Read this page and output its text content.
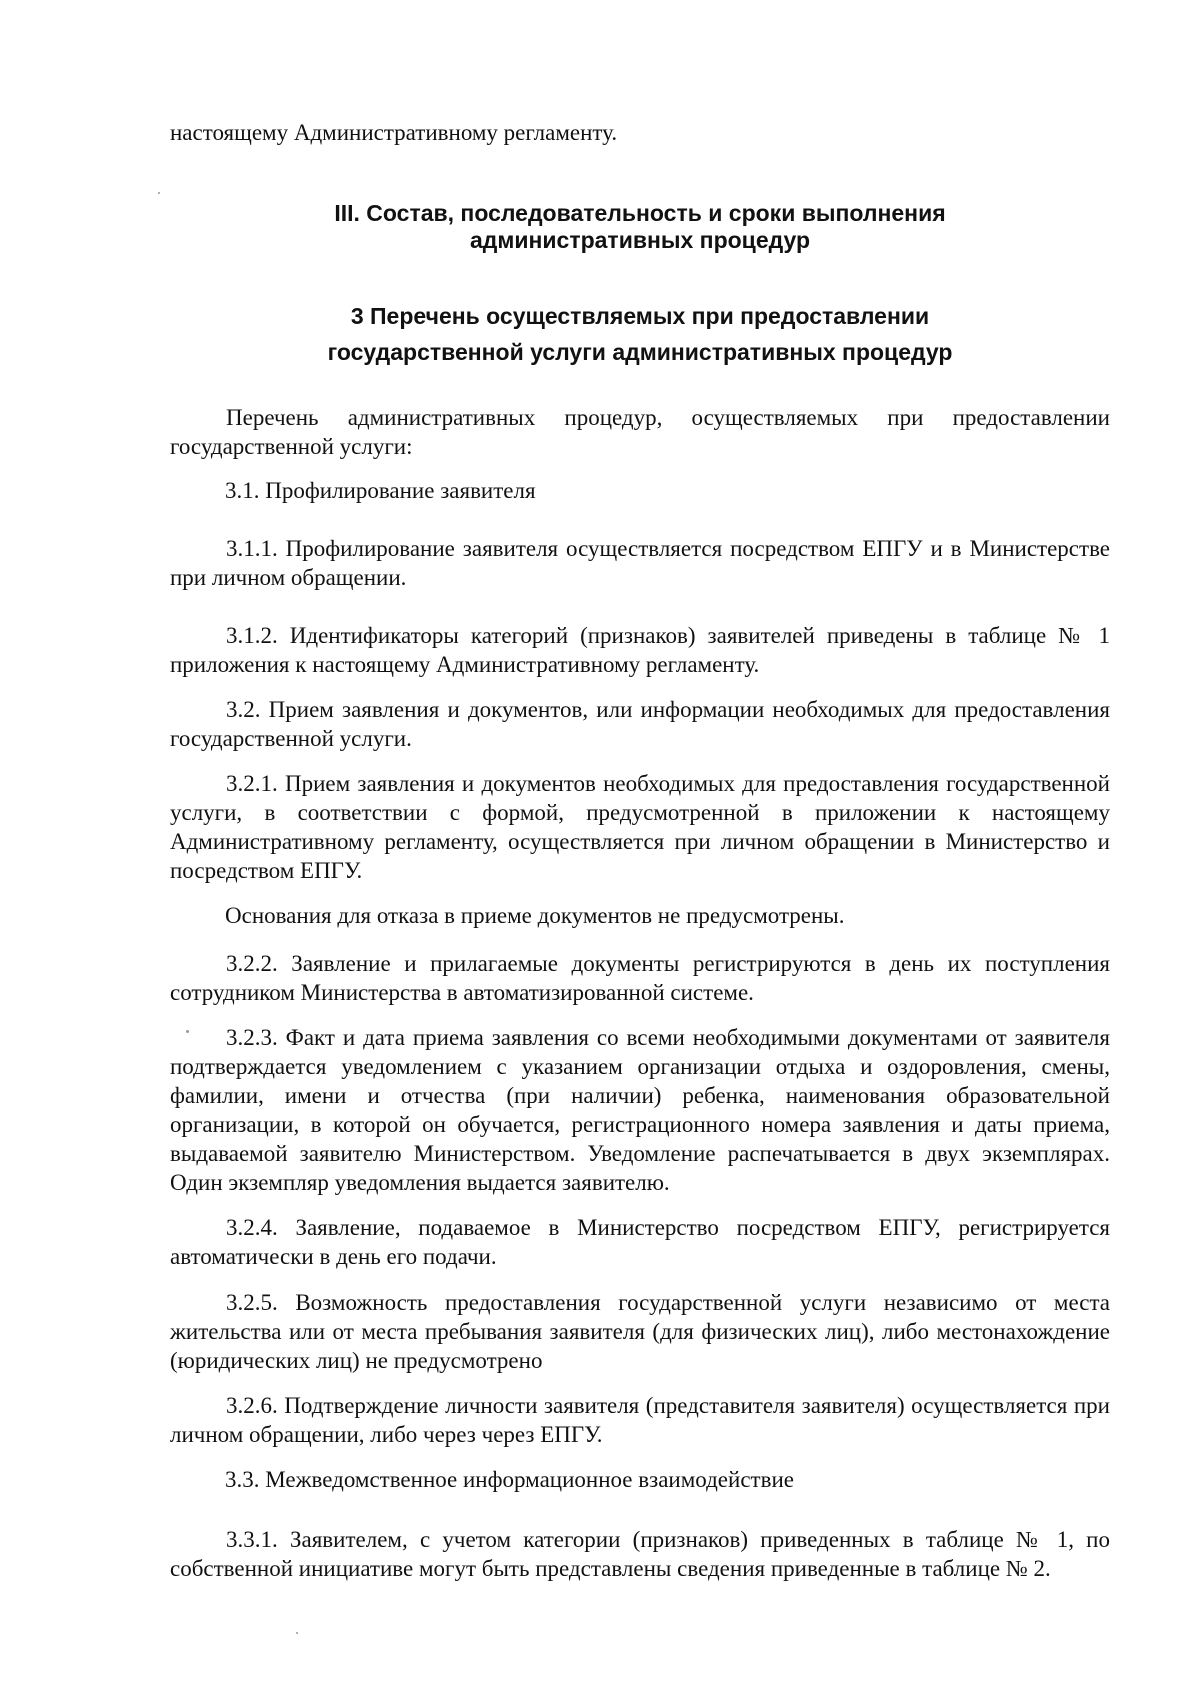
настоящему Административному регламенту.
III. Состав, последовательность и сроки выполнения
административных процедур
3 Перечень осуществляемых при предоставлении
государственной услуги административных процедур
Перечень административных процедур, осуществляемых при предоставлении государственной услуги:
3.1. Профилирование заявителя
3.1.1. Профилирование заявителя осуществляется посредством ЕПГУ и в Министерстве при личном обращении.
3.1.2. Идентификаторы категорий (признаков) заявителей приведены в таблице № 1 приложения к настоящему Административному регламенту.
3.2. Прием заявления и документов, или информации необходимых для предоставления государственной услуги.
3.2.1. Прием заявления и документов необходимых для предоставления государственной услуги, в соответствии с формой, предусмотренной в приложении к настоящему Административному регламенту, осуществляется при личном обращении в Министерство и посредством ЕПГУ.
Основания для отказа в приеме документов не предусмотрены.
3.2.2. Заявление и прилагаемые документы регистрируются в день их поступления сотрудником Министерства в автоматизированной системе.
3.2.3. Факт и дата приема заявления со всеми необходимыми документами от заявителя подтверждается уведомлением с указанием организации отдыха и оздоровления, смены, фамилии, имени и отчества (при наличии) ребенка, наименования образовательной организации, в которой он обучается, регистрационного номера заявления и даты приема, выдаваемой заявителю Министерством. Уведомление распечатывается в двух экземплярах. Один экземпляр уведомления выдается заявителю.
3.2.4. Заявление, подаваемое в Министерство посредством ЕПГУ, регистрируется автоматически в день его подачи.
3.2.5. Возможность предоставления государственной услуги независимо от места жительства или от места пребывания заявителя (для физических лиц), либо местонахождение (юридических лиц) не предусмотрено
3.2.6. Подтверждение личности заявителя (представителя заявителя) осуществляется при личном обращении, либо через через ЕПГУ.
3.3. Межведомственное информационное взаимодействие
3.3.1. Заявителем, с учетом категории (признаков) приведенных в таблице № 1, по собственной инициативе могут быть представлены сведения приведенные в таблице № 2.
